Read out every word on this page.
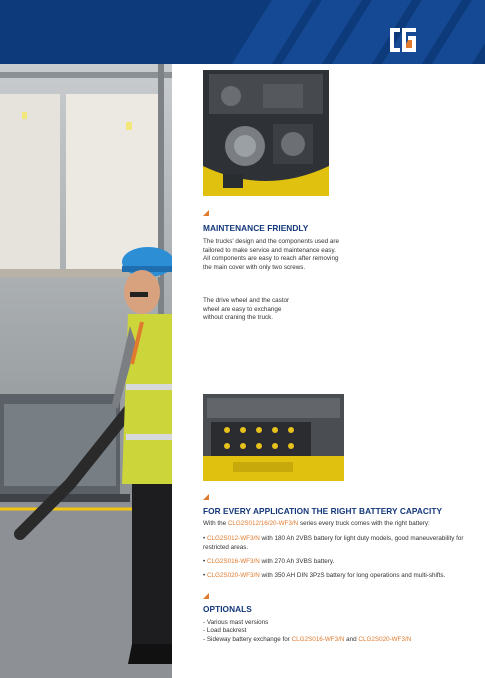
MAINTENANCE FRIENDLY
The trucks' design and the components used are tailored to make service and maintenance easy. All components are easy to reach after removing the main cover with only two screws.
The drive wheel and the castor wheel are easy to exchange without craning the truck.
FOR EVERY APPLICATION THE RIGHT BATTERY CAPACITY
With the CLG2S012/16/20-WF3/N series every truck comes with the right battery:
• CLG2S012-WF3/N with 180 Ah 2VBS battery for light duty models, good maneuverability for restricted areas.
• CLG2S016-WF3/N with 270 Ah 3VBS battery.
• CLG2S020-WF3/N with 350 AH DIN 3PzS battery for long operations and multi-shifts.
OPTIONALS
- Various mast versions
- Load backrest
- Sideway battery exchange for CLG2S016-WF3/N and CLG2S020-WF3/N
